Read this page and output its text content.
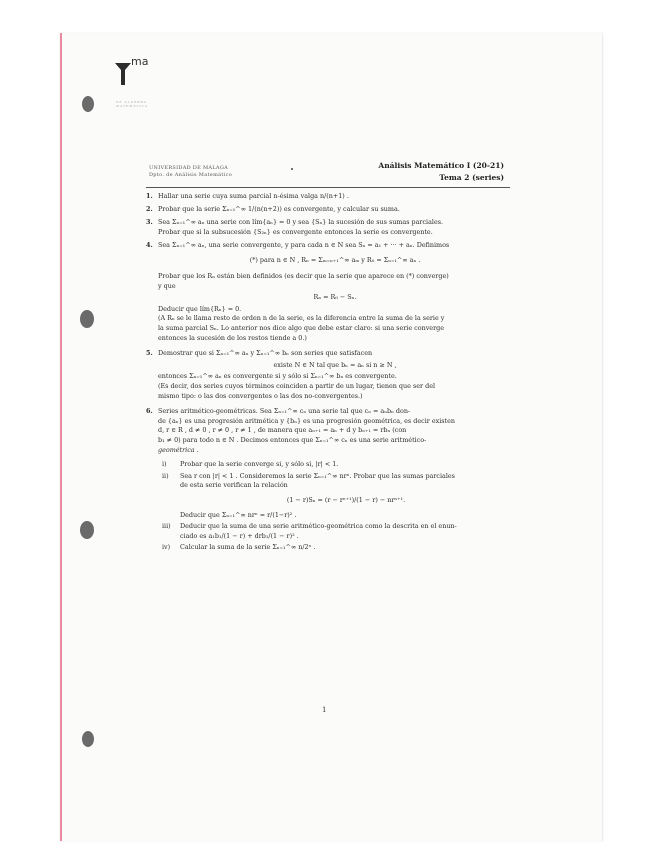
ma
DE ÁLGEBRA MATEMÁTICA
UNIVERSIDAD DE MÁLAGA
Dpto. de Análisis Matemático
Análisis Matemático I (20-21)
Tema 2 (series)
1. Hallar una serie cuya suma parcial n-ésima valga n/(n+1) .

2. Probar que la serie Σₙ₌₁^∞ 1/(n(n+2)) es convergente, y calcular su suma.

3. Sea Σₙ₌₁^∞ aₙ una serie con lím{aₙ} = 0 y sea {Sₙ} la sucesión de sus sumas parciales.

Probar que si la subsucesión {S₂ₙ} es convergente entonces la serie es convergente.

4. Sea Σₙ₌₁^∞ aₙ, una serie convergente, y para cada n ∈ N sea Sₙ = a₁ + ··· + aₙ. Definimos

(*) para n ∈ N , Rₙ = Σₘ₌ₙ₊₁^∞ aₘ y R₀ = Σₙ₌₁^∞ aₙ .

Probar que los Rₙ están bien definidos (es decir que la serie que aparece en (*) converge)

y que

Rₙ = R₀ − Sₙ.

Deducir que lím{Rₙ} = 0.

(A Rₙ se le llama resto de orden n de la serie, es la diferencia entre la suma de la serie y

la suma parcial Sₙ. Lo anterior nos dice algo que debe estar claro: si una serie converge

entonces la sucesión de los restos tiende a 0.)

5. Demostrar que si Σₙ₌₁^∞ aₙ y Σₙ₌₁^∞ bₙ son series que satisfacen

existe N ∈ N tal que bₙ = aₙ si n ≥ N ,

entonces Σₙ₌₁^∞ aₙ es convergente si y sólo si Σₙ₌₁^∞ bₙ es convergente.

(Es decir, dos series cuyos términos coinciden a partir de un lugar, tienen que ser del

mismo tipo: o las dos convergentes o las dos no-convergentes.)

6. Series aritmético-geométricas. Sea Σₙ₌₁^∞ cₙ una serie tal que cₙ = aₙbₙ don-

de {aₙ} es una progresión aritmética y {bₙ} es una progresión geométrica, es decir existen

d, r ∈ R , d ≠ 0 , r ≠ 0 , r ≠ 1 , de manera que aₙ₊₁ = aₙ + d y bₙ₊₁ = rbₙ (con

b₁ ≠ 0) para todo n ∈ N . Decimos entonces que Σₙ₌₁^∞ cₙ es una serie aritmético-

geométrica .

i) Probar que la serie converge si, y sólo si, |r| < 1.

ii) Sea r con |r| < 1 . Consideremos la serie Σₙ₌₁^∞ nrⁿ. Probar que las sumas parciales

de esta serie verifican la relación

(1 − r)Sₙ = (r − rⁿ⁺¹)/(1 − r) − nrⁿ⁺¹.

Deducir que Σₙ₌₁^∞ nrⁿ = r/(1−r)² .

iii) Deducir que la suma de una serie aritmético-geométrica como la descrita en el enun-

ciado es a₁b₁/(1 − r) + drb₁/(1 − r)² .

iv) Calcular la suma de la serie Σₙ₌₁^∞ n/2ⁿ .

1
